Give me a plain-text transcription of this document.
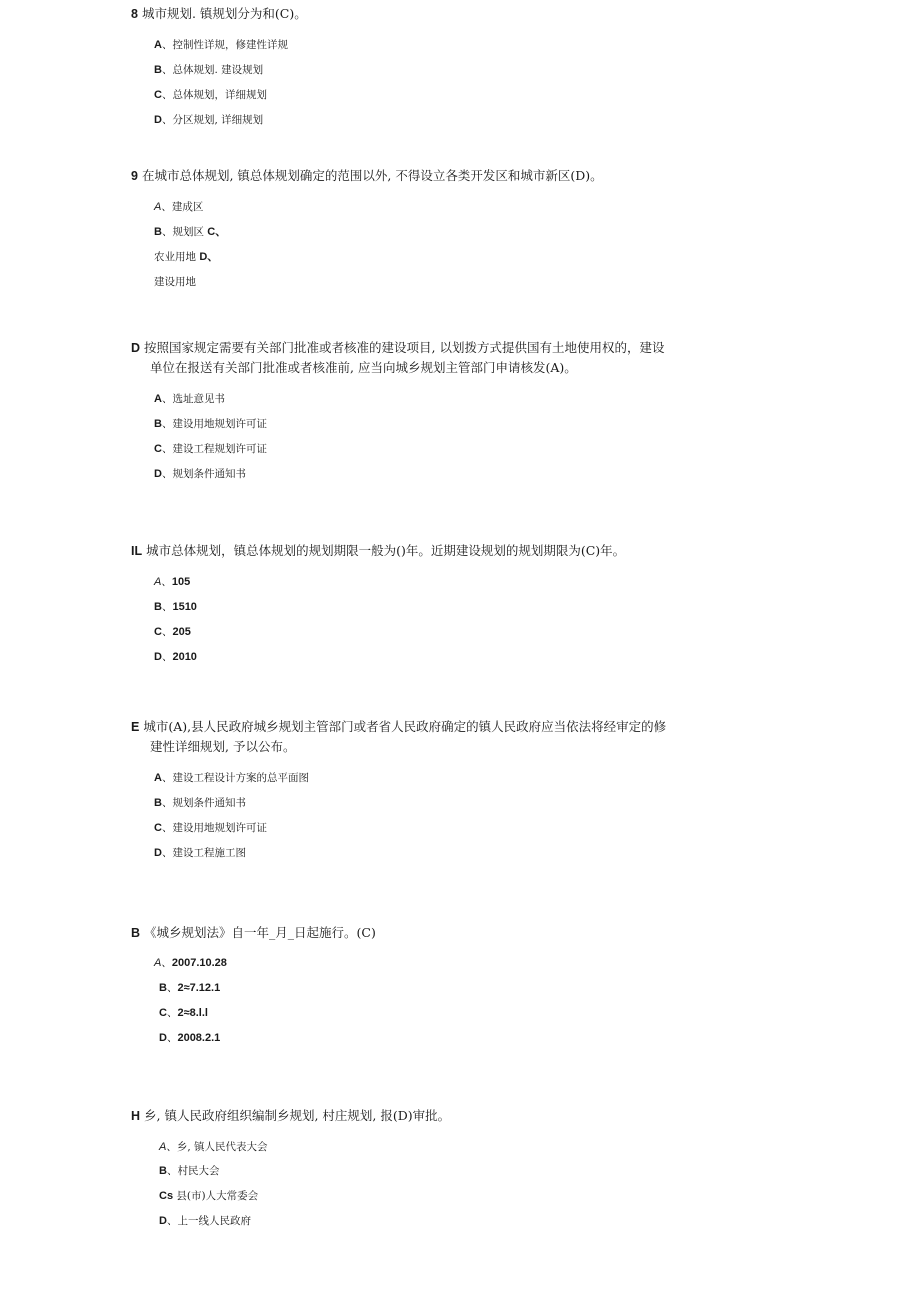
8 城市规划. 镇规划分为和(C)。

A、控制性详规，修建性详规
B、总体规划. 建设规划
C、总体规划，详细规划
D、分区规划, 详细规划

9 在城市总体规划, 镇总体规划确定的范围以外, 不得设立各类开发区和城市新区(D)。

A、建成区
B、规划区 C、
农业用地 D、
建设用地

D 按照国家规定需要有关部门批准或者核准的建设项目, 以划拨方式提供国有土地使用权的，建设
单位在报送有关部门批准或者核准前, 应当向城乡规划主管部门申请核发(A)。

A、选址意见书
B、建设用地规划许可证
C、建设工程规划许可证
D、规划条件通知书

IL 城市总体规划，镇总体规划的规划期限一般为()年。近期建设规划的规划期限为(C)年。

A、105
B、1510
C、205
D、2010

E 城市(A),县人民政府城乡规划主管部门或者省人民政府确定的镇人民政府应当依法将经审定的修
建性详细规划, 予以公布。

A、建设工程设计方案的总平面图
B、规划条件通知书
C、建设用地规划许可证
D、建设工程施工图

B 《城乡规划法》自一年_月_日起施行。(C)

A、2007.10.28
B、2≈7.12.1
C、2≈8.l.l
D、2008.2.1

H 乡, 镇人民政府组织编制乡规划, 村庄规划, 报(D)审批。

A、乡, 镇人民代表大会
B、村民大会
Cs 县(市)人大常委会
D、上一线人民政府
